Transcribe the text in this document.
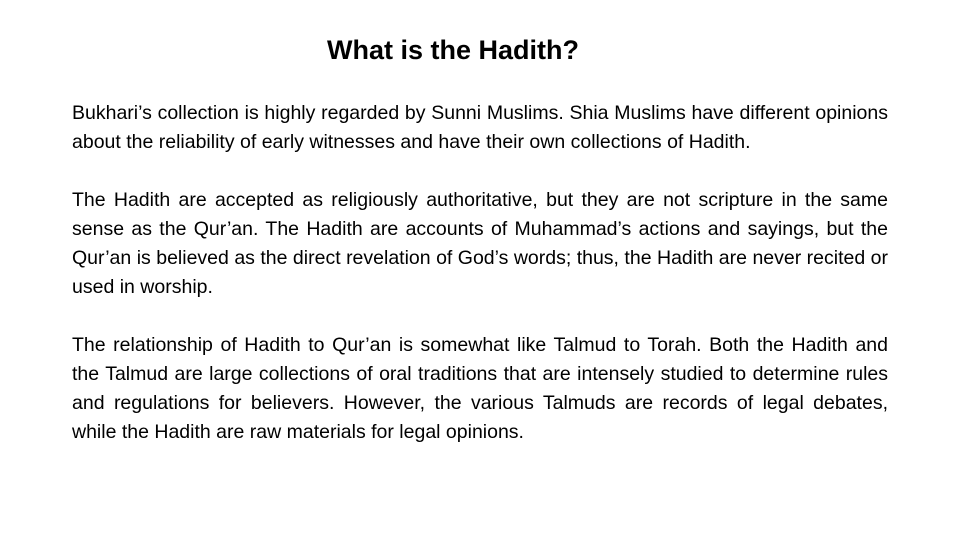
What is the Hadith?

Bukhari’s collection is highly regarded by Sunni Muslims. Shia Muslims have different opinions about the reliability of early witnesses and have their own collections of Hadith.

The Hadith are accepted as religiously authoritative, but they are not scripture in the same sense as the Qur’an. The Hadith are accounts of Muhammad’s actions and sayings, but the Qur’an is believed as the direct revelation of God’s words; thus, the Hadith are never recited or used in worship.

The relationship of Hadith to Qur’an is somewhat like Talmud to Torah. Both the Hadith and the Talmud are large collections of oral traditions that are intensely studied to determine rules and regulations for believers. However, the various Talmuds are records of legal debates, while the Hadith are raw materials for legal opinions.
